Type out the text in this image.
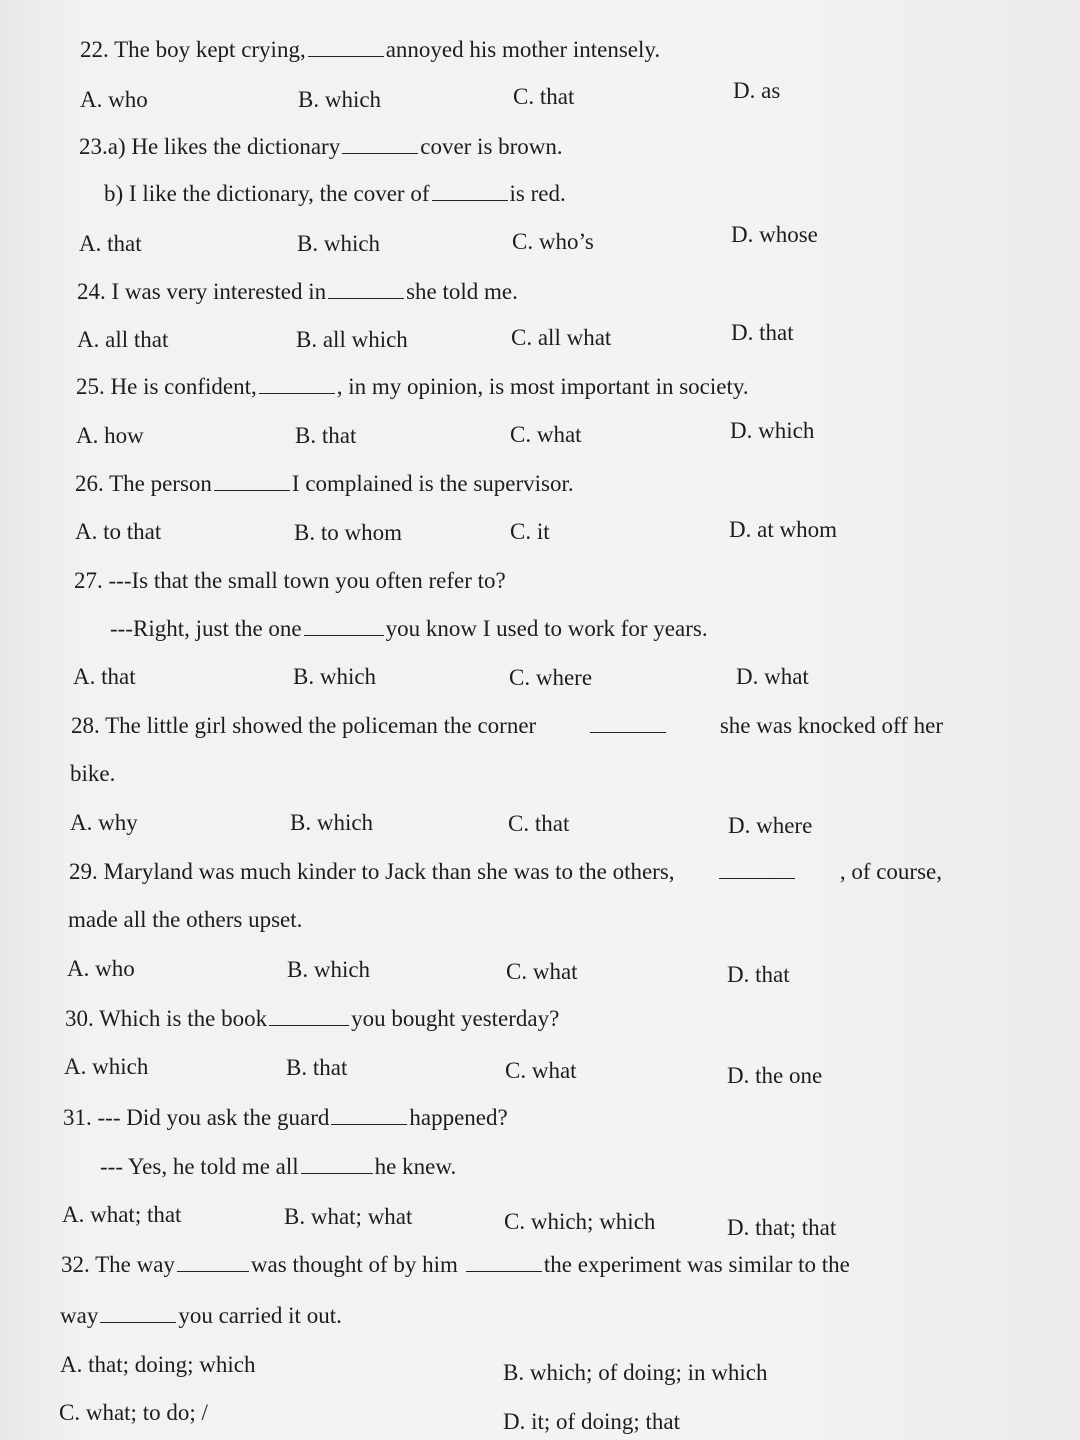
22. The boy kept crying,	annoyed his mother intensely.
A. who	B. which	C. that	D. as
23.a) He likes the dictionary	cover is brown.
b) I like the dictionary, the cover of	is red.
A. that	B. which	C. who’s	D. whose
24. I was very interested in	she told me.
A. all that	B. all which	C. all what	D. that
25. He is confident,	, in my opinion, is most important in society.
A. how	B. that	C. what	D. which
26. The person	I complained is the supervisor.
A. to that	B. to whom	C. it	D. at whom
27. ---Is that the small town you often refer to?
---Right, just the one	you know I used to work for years.
A. that	B. which	C. where	D. what
28. The little girl showed the policeman the corner	she was knocked off her
bike.
A. why	B. which	C. that	D. where
29. Maryland was much kinder to Jack than she was to the others,	, of course,
made all the others upset.
A. who	B. which	C. what	D. that
30. Which is the book	you bought yesterday?
A. which	B. that	C. what	D. the one
31. --- Did you ask the guard	happened?
--- Yes, he told me all	he knew.
A. what; that	B. what; what	C. which; which	D. that; that
32. The way	was thought of by him	the experiment was similar to the
way	you carried it out.
A. that; doing; which	B. which; of doing; in which
C. what; to do; /	D. it; of doing; that
